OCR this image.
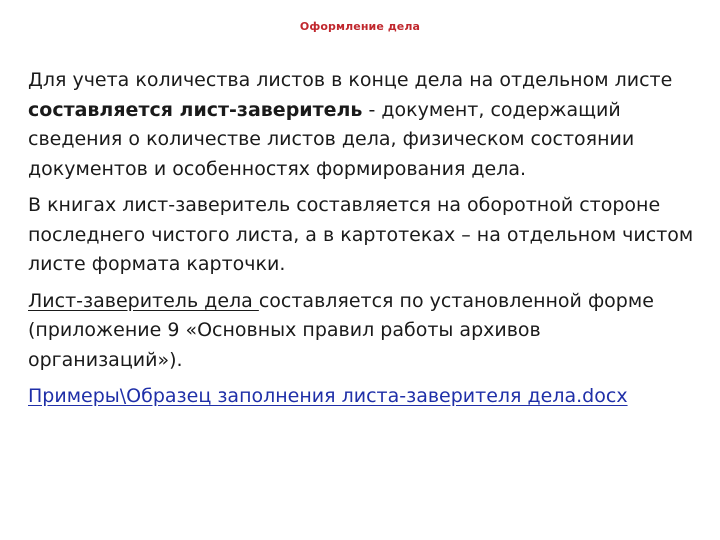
Оформление дела

Для учета количества листов в конце дела на отдельном листе составляется лист-заверитель - документ, содержащий сведения о количестве листов дела, физическом состоянии документов и особенностях формирования дела.

В книгах лист-заверитель составляется на оборотной стороне последнего чистого листа, а в картотеках – на отдельном чистом листе формата карточки.

Лист-заверитель дела составляется по установленной форме (приложение 9 «Основных правил работы архивов организаций»).

Примеры\Образец заполнения листа-заверителя дела.docx
